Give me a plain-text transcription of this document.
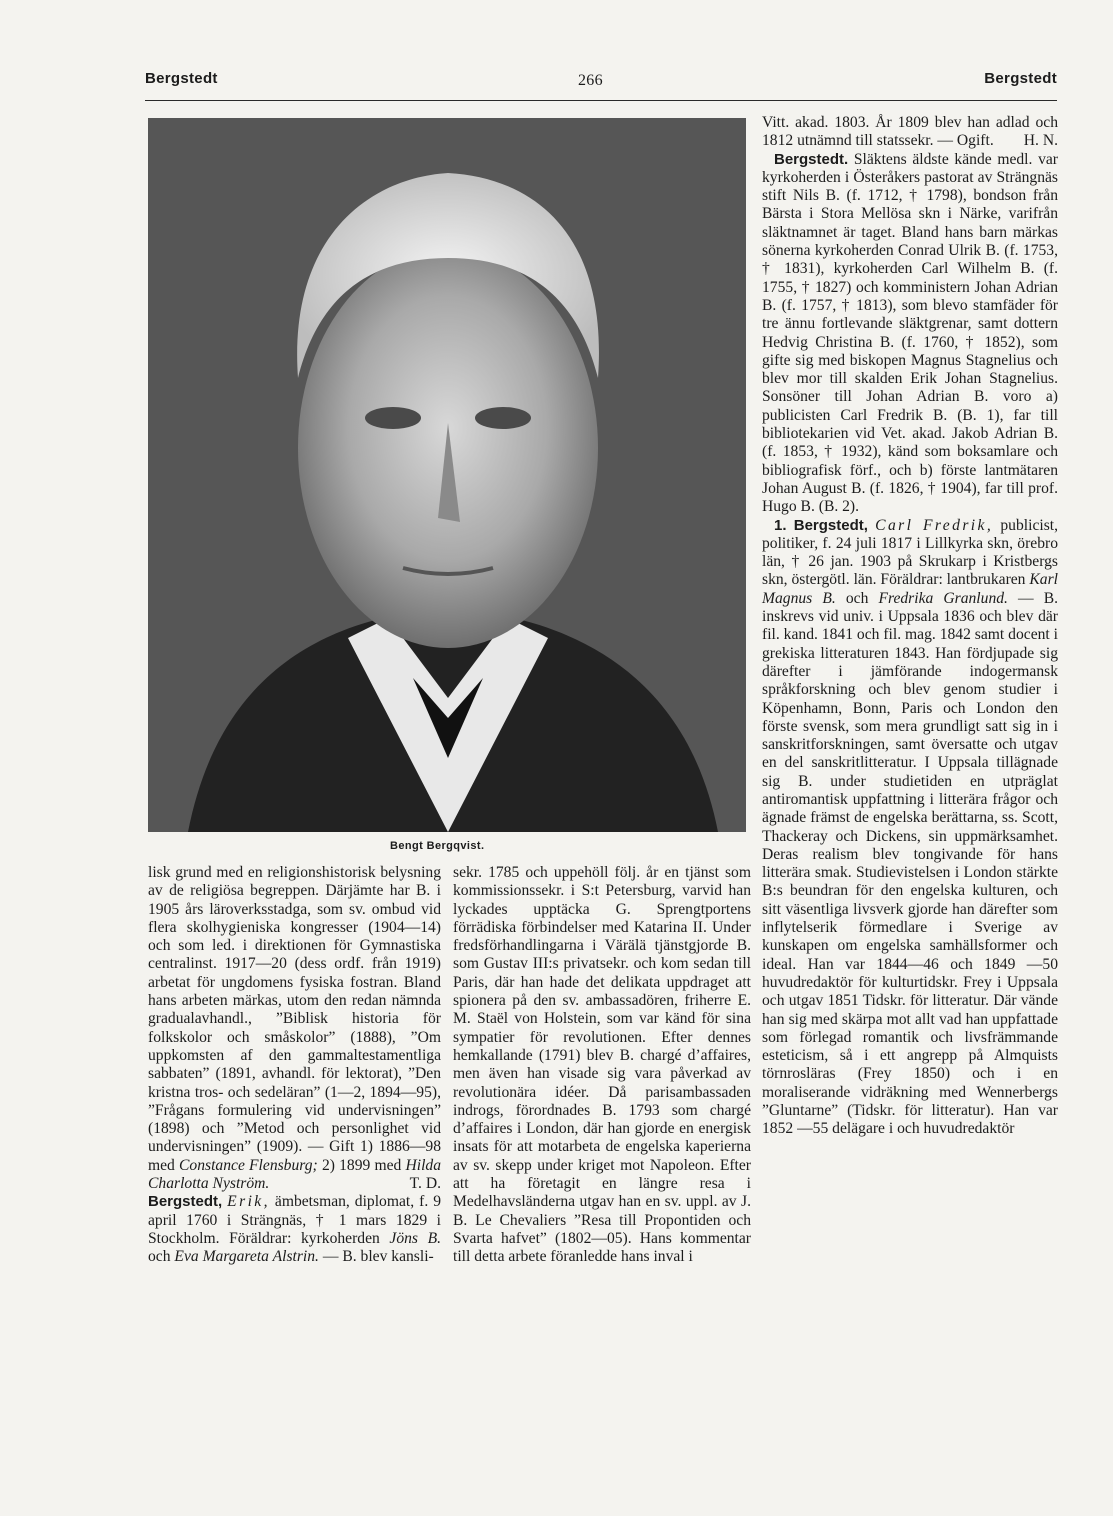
Bergstedt	266	Bergstedt
Bengt Bergqvist.

lisk grund med en religionshistorisk belysning av de religiösa begreppen. Därjämte har B. i 1905 års läroverksstadga, som sv. ombud vid flera skolhygieniska kongresser (1904—14) och som led. i direktionen för Gymnastiska centralinst. 1917—20 (dess ordf. från 1919) arbetat för ungdomens fysiska fostran. Bland hans arbeten märkas, utom den redan nämnda gradualavhandl., ”Biblisk historia för folkskolor och småskolor” (1888), ”Om uppkomsten af den gammaltestamentliga sabbaten” (1891, avhandl. för lektorat), ”Den kristna tros- och sedeläran” (1—2, 1894—95), ”Frågans formulering vid undervisningen” (1898) och ”Metod och personlighet vid undervisningen” (1909). — Gift 1) 1886—98 med Constance Flensburg; 2) 1899 med Hilda Charlotta Nyström.	T. D.

Bergstedt, Erik, ämbetsman, diplomat, f. 9 april 1760 i Strängnäs, † 1 mars 1829 i Stockholm. Föräldrar: kyrkoherden Jöns B. och Eva Margareta Alstrin. — B. blev kansli-

sekr. 1785 och uppehöll följ. år en tjänst som kommissionssekr. i S:t Petersburg, varvid han lyckades upptäcka G. Sprengtportens förrädiska förbindelser med Katarina II. Under fredsförhandlingarna i Värälä tjänstgjorde B. som Gustav III:s privatsekr. och kom sedan till Paris, där han hade det delikata uppdraget att spionera på den sv. ambassadören, friherre E. M. Staël von Holstein, som var känd för sina sympatier för revolutionen. Efter dennes hemkallande (1791) blev B. chargé d’affaires, men även han visade sig vara påverkad av revolutionära idéer. Då parisambassaden indrogs, förordnades B. 1793 som chargé d’affaires i London, där han gjorde en energisk insats för att motarbeta de engelska kaperierna av sv. skepp under kriget mot Napoleon. Efter att ha företagit en längre resa i Medelhavsländerna utgav han en sv. uppl. av J. B. Le Chevaliers ”Resa till Propontiden och Svarta hafvet” (1802—05). Hans kommentar till detta arbete föranledde hans inval i

Vitt. akad. 1803. År 1809 blev han adlad och 1812 utnämnd till statssekr. — Ogift. H. N.

Bergstedt. Släktens äldste kände medl. var kyrkoherden i Österåkers pastorat av Strängnäs stift Nils B. (f. 1712, † 1798), bondson från Bärsta i Stora Mellösa skn i Närke, varifrån släktnamnet är taget. Bland hans barn märkas sönerna kyrkoherden Conrad Ulrik B. (f. 1753, † 1831), kyrkoherden Carl Wilhelm B. (f. 1755, † 1827) och komministern Johan Adrian B. (f. 1757, † 1813), som blevo stamfäder för tre ännu fortlevande släktgrenar, samt dottern Hedvig Christina B. (f. 1760, † 1852), som gifte sig med biskopen Magnus Stagnelius och blev mor till skalden Erik Johan Stagnelius. Sonsöner till Johan Adrian B. voro a) publicisten Carl Fredrik B. (B. 1), far till bibliotekarien vid Vet. akad. Jakob Adrian B. (f. 1853, † 1932), känd som boksamlare och bibliografisk förf., och b) förste lantmätaren Johan August B. (f. 1826, † 1904), far till prof. Hugo B. (B. 2).

1. Bergstedt, Carl Fredrik, publicist, politiker, f. 24 juli 1817 i Lillkyrka skn, örebro län, † 26 jan. 1903 på Skrukarp i Kristbergs skn, östergötl. län. Föräldrar: lantbrukaren Karl Magnus B. och Fredrika Granlund. — B. inskrevs vid univ. i Uppsala 1836 och blev där fil. kand. 1841 och fil. mag. 1842 samt docent i grekiska litteraturen 1843. Han fördjupade sig därefter i jämförande indogermansk språkforskning och blev genom studier i Köpenhamn, Bonn, Paris och London den förste svensk, som mera grundligt satt sig in i sanskritforskningen, samt översatte och utgav en del sanskritlitteratur. I Uppsala tillägnade sig B. under studietiden en utpräglat antiromantisk uppfattning i litterära frågor och ägnade främst de engelska berättarna, ss. Scott, Thackeray och Dickens, sin uppmärksamhet. Deras realism blev tongivande för hans litterära smak. Studievistelsen i London stärkte B:s beundran för den engelska kulturen, och sitt väsentliga livsverk gjorde han därefter som inflytelserik förmedlare i Sverige av kunskapen om engelska samhällsformer och ideal. Han var 1844—46 och 1849 —50 huvudredaktör för kulturtidskr. Frey i Uppsala och utgav 1851 Tidskr. för litteratur. Där vände han sig med skärpa mot allt vad han uppfattade som förlegad romantik och livsfrämmande esteticism, så i ett angrepp på Almquists törnrosläras (Frey 1850) och i en moraliserande vidräkning med Wennerbergs ”Gluntarne” (Tidskr. för litteratur). Han var 1852 —55 delägare i och huvudredaktör
